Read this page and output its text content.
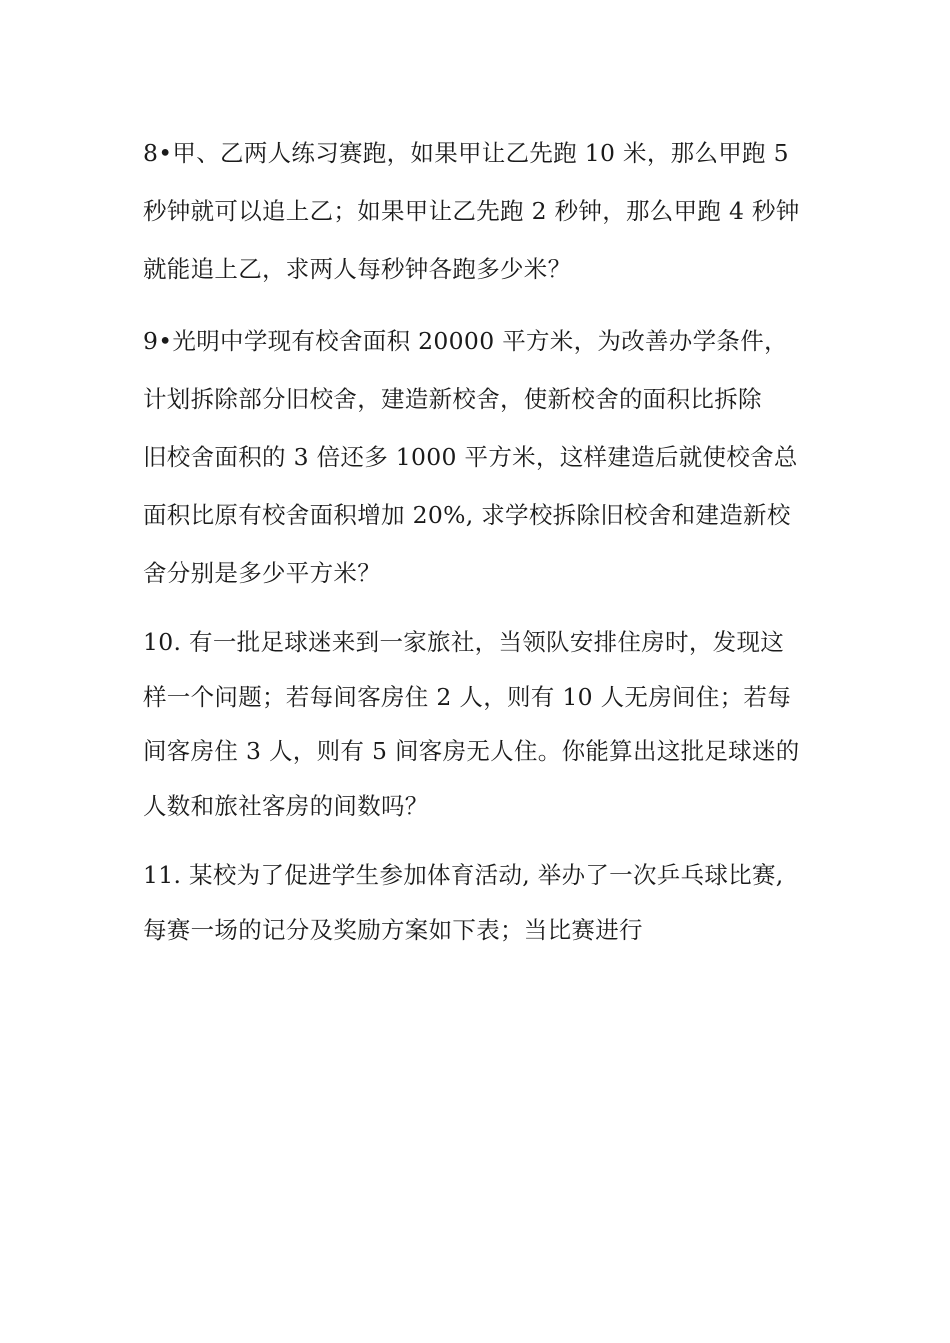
8•甲、乙两人练习赛跑，如果甲让乙先跑 10 米，那么甲跑 5
秒钟就可以追上乙；如果甲让乙先跑 2 秒钟，那么甲跑 4 秒钟
就能追上乙，求两人每秒钟各跑多少米？
9•光明中学现有校舍面积 20000 平方米，为改善办学条件，
计划拆除部分旧校舍，建造新校舍，使新校舍的面积比拆除
旧校舍面积的 3 倍还多 1000 平方米，这样建造后就使校舍总
面积比原有校舍面积增加 20%, 求学校拆除旧校舍和建造新校
舍分别是多少平方米？
10. 有一批足球迷来到一家旅社，当领队安排住房时，发现这
样一个问题；若每间客房住 2 人，则有 10 人无房间住；若每
间客房住 3 人，则有 5 间客房无人住。你能算出这批足球迷的
人数和旅社客房的间数吗？
11. 某校为了促进学生参加体育活动, 举办了一次乒乓球比赛,
每赛一场的记分及奖励方案如下表；当比赛进行
